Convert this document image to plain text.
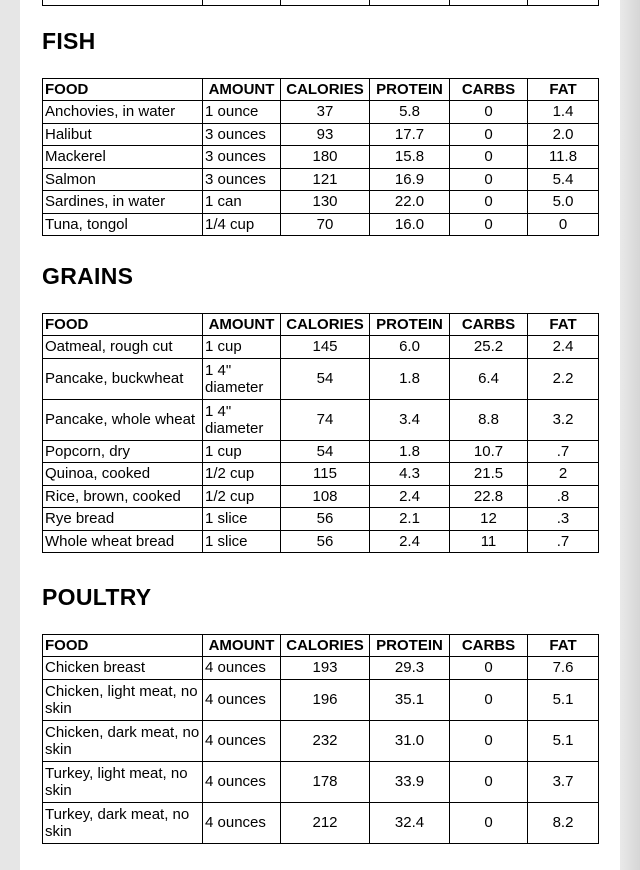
FISH
FOOD	AMOUNT	CALORIES	PROTEIN	CARBS	FAT
Anchovies, in water	1 ounce	37	5.8	0	1.4
Halibut	3 ounces	93	17.7	0	2.0
Mackerel	3 ounces	180	15.8	0	11.8
Salmon	3 ounces	121	16.9	0	5.4
Sardines, in water	1 can	130	22.0	0	5.0
Tuna, tongol	1/4 cup	70	16.0	0	0
GRAINS
FOOD	AMOUNT	CALORIES	PROTEIN	CARBS	FAT
Oatmeal, rough cut	1 cup	145	6.0	25.2	2.4
Pancake, buckwheat	1 4" diameter	54	1.8	6.4	2.2
Pancake, whole wheat	1 4" diameter	74	3.4	8.8	3.2
Popcorn, dry	1 cup	54	1.8	10.7	.7
Quinoa, cooked	1/2 cup	115	4.3	21.5	2
Rice, brown, cooked	1/2 cup	108	2.4	22.8	.8
Rye bread	1 slice	56	2.1	12	.3
Whole wheat bread	1 slice	56	2.4	11	.7
POULTRY
FOOD	AMOUNT	CALORIES	PROTEIN	CARBS	FAT
Chicken breast	4 ounces	193	29.3	0	7.6
Chicken, light meat, no skin	4 ounces	196	35.1	0	5.1
Chicken, dark meat, no skin	4 ounces	232	31.0	0	5.1
Turkey, light meat, no skin	4 ounces	178	33.9	0	3.7
Turkey, dark meat, no skin	4 ounces	212	32.4	0	8.2
